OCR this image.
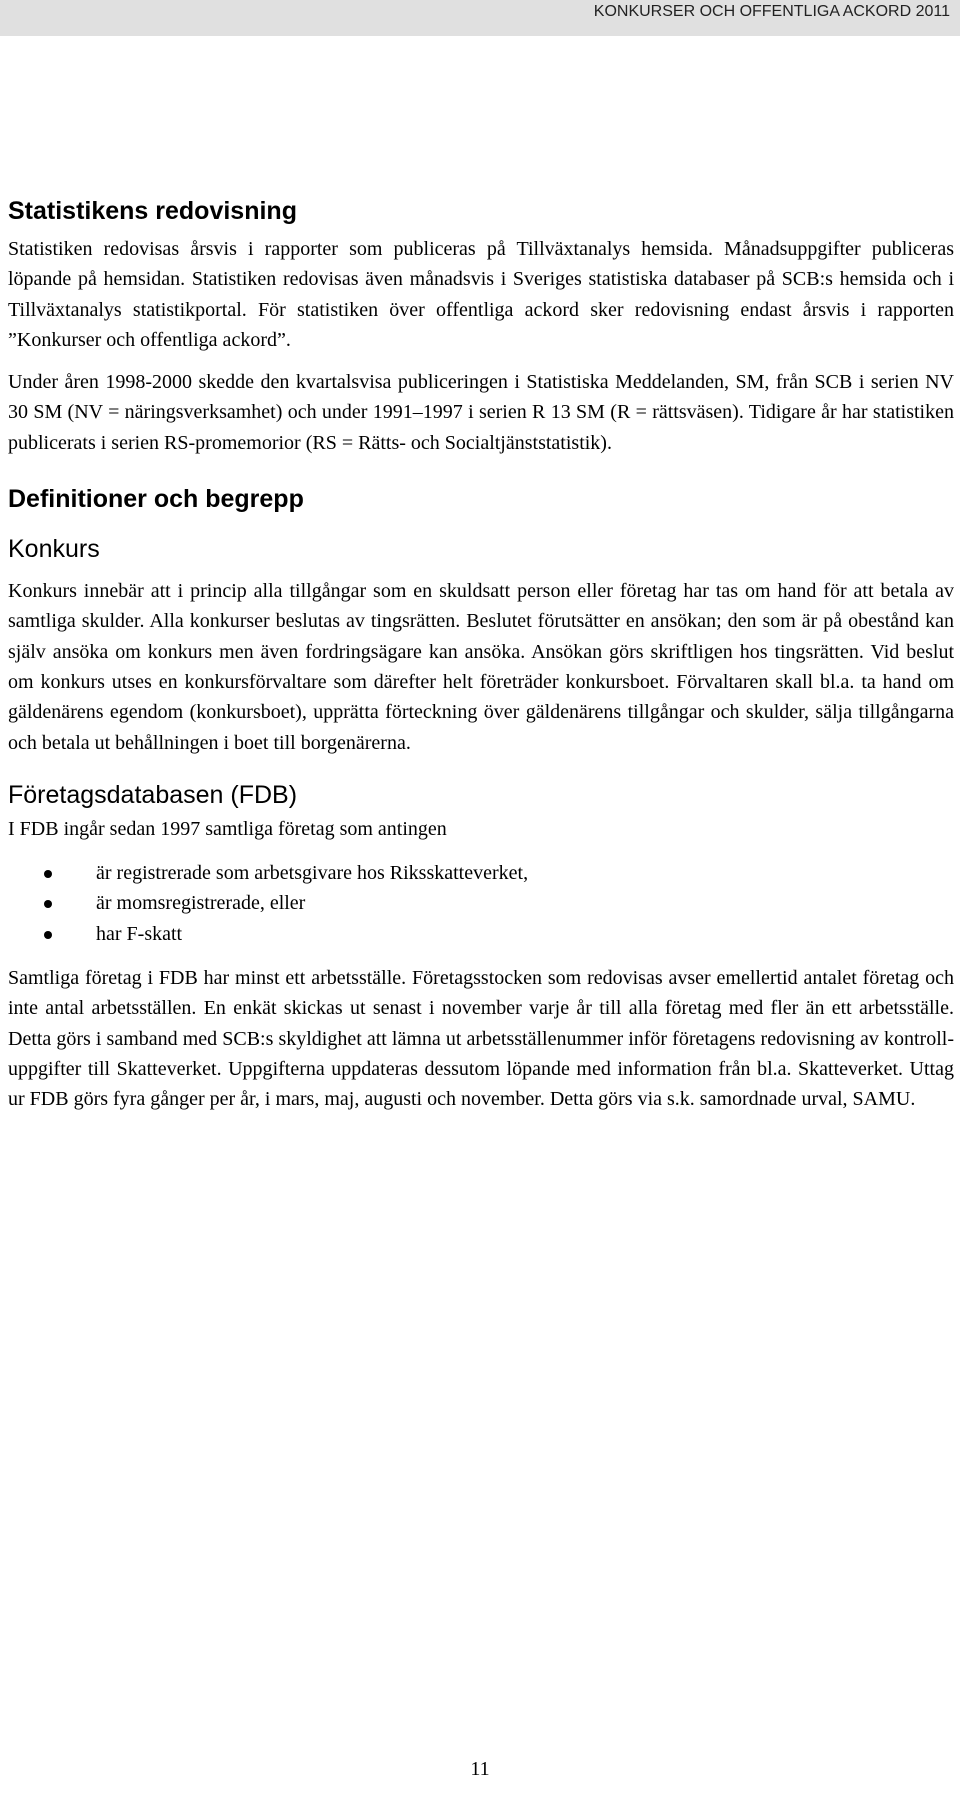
KONKURSER OCH OFFENTLIGA ACKORD 2011
Statistikens redovisning

Statistiken redovisas årsvis i rapporter som publiceras på Tillväxtanalys hemsida. Månadsuppgifter publiceras löpande på hemsidan. Statistiken redovisas även månadsvis i Sveriges statistiska databaser på SCB:s hemsida och i Tillväxtanalys statistikportal. För statistiken över offentliga ackord sker redovisning endast årsvis i rapporten ”Konkurser och offentliga ackord”.

Under åren 1998-2000 skedde den kvartalsvisa publiceringen i Statistiska Meddelanden, SM, från SCB i serien NV 30 SM (NV = näringsverksamhet) och under 1991–1997 i serien R 13 SM (R = rättsväsen). Tidigare år har statistiken publicerats i serien RS-promemorior (RS = Rätts- och Socialtjänststatistik).

Definitioner och begrepp
Konkurs

Konkurs innebär att i princip alla tillgångar som en skuldsatt person eller företag har tas om hand för att betala av samtliga skulder. Alla konkurser beslutas av tingsrätten. Beslutet förutsätter en ansökan; den som är på obestånd kan själv ansöka om konkurs men även fordringsägare kan ansöka. Ansökan görs skriftligen hos tingsrätten. Vid beslut om konkurs utses en konkursförvaltare som därefter helt företräder konkursboet. Förvaltaren skall bl.a. ta hand om gäldenärens egendom (konkursboet), upprätta förteckning över gäldenärens tillgångar och skulder, sälja tillgångarna och betala ut behållningen i boet till borgenärerna.

Företagsdatabasen (FDB)

I FDB ingår sedan 1997 samtliga företag som antingen

är registrerade som arbetsgivare hos Riksskatteverket,
är momsregistrerade, eller
har F-skatt

Samtliga företag i FDB har minst ett arbetsställe. Företagsstocken som redovisas avser emellertid antalet företag och inte antal arbetsställen. En enkät skickas ut senast i november varje år till alla företag med fler än ett arbetsställe. Detta görs i samband med SCB:s skyldighet att lämna ut arbetsställenummer inför företagens redovisning av kontroll-uppgifter till Skatteverket. Uppgifterna uppdateras dessutom löpande med information från bl.a. Skatteverket. Uttag ur FDB görs fyra gånger per år, i mars, maj, augusti och november. Detta görs via s.k. samordnade urval, SAMU.

11
